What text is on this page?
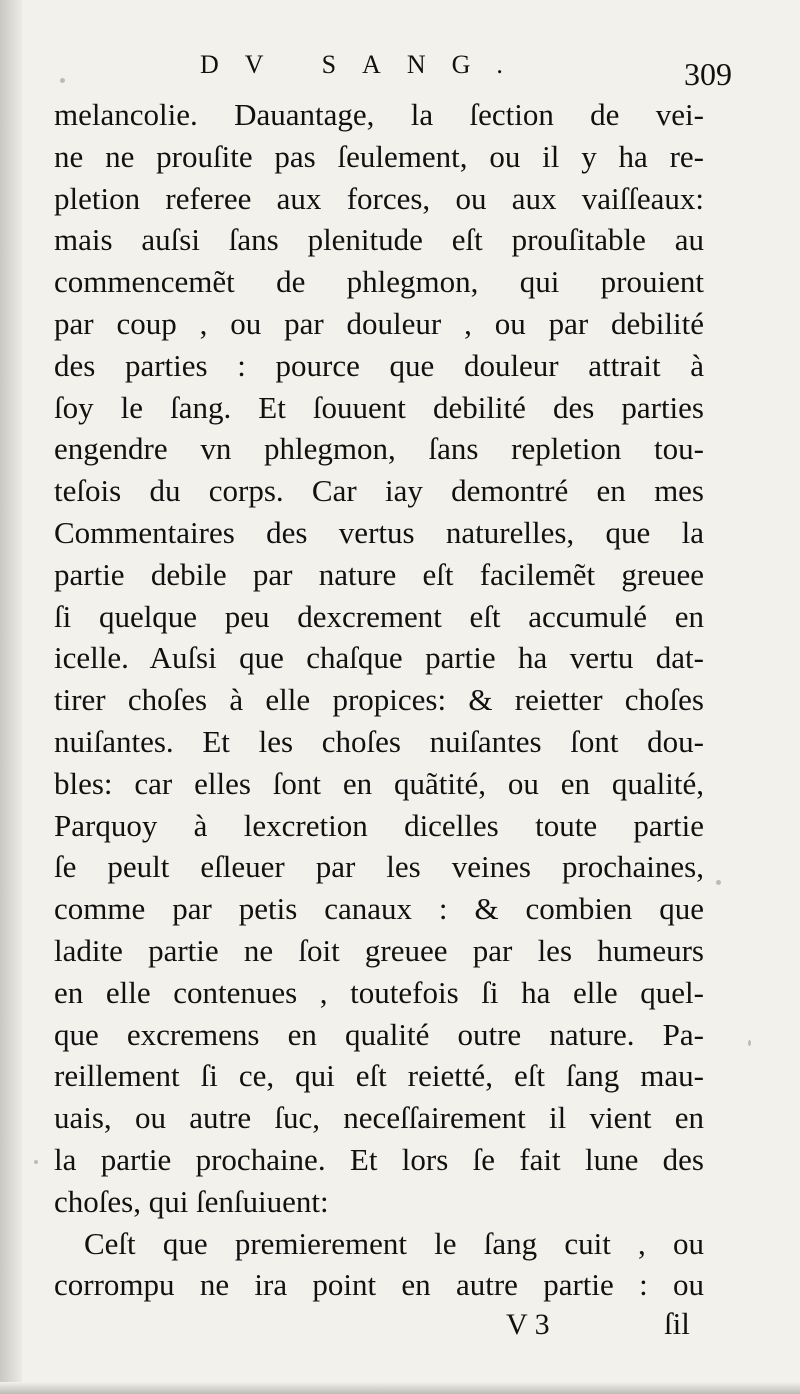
DV SANG.	309
melancolie. Dauantage, la ſection de vei-
ne ne prouſite pas ſeulement, ou il y ha re-
pletion referee aux forces, ou aux vaiſſeaux:
mais auſsi ſans plenitude eſt prouſitable au
commencemẽt de phlegmon, qui prouient
par coup , ou par douleur , ou par debilité
des parties : pource que douleur attrait à
ſoy le ſang. Et ſouuent debilité des parties
engendre vn phlegmon, ſans repletion tou-
teſois du corps. Car iay demontré en mes
Commentaires des vertus naturelles, que la
partie debile par nature eſt facilemẽt greuee
ſi quelque peu dexcrement eſt accumulé en
icelle. Auſsi que chaſque partie ha vertu dat-
tirer choſes à elle propices: & reietter choſes
nuiſantes. Et les choſes nuiſantes ſont dou-
bles: car elles ſont en quãtité, ou en qualité,
Parquoy à lexcretion dicelles toute partie
ſe peult eſleuer par les veines prochaines,
comme par petis canaux : & combien que
ladite partie ne ſoit greuee par les humeurs
en elle contenues , toutefois ſi ha elle quel-
que excremens en qualité outre nature. Pa-
reillement ſi ce, qui eſt reietté, eſt ſang mau-
uais, ou autre ſuc, neceſſairement il vient en
la partie prochaine. Et lors ſe fait lune des
choſes, qui ſenſuiuent:
Ceſt que premierement le ſang cuit , ou
corrompu ne ira point en autre partie : ou
V 3	ſil
